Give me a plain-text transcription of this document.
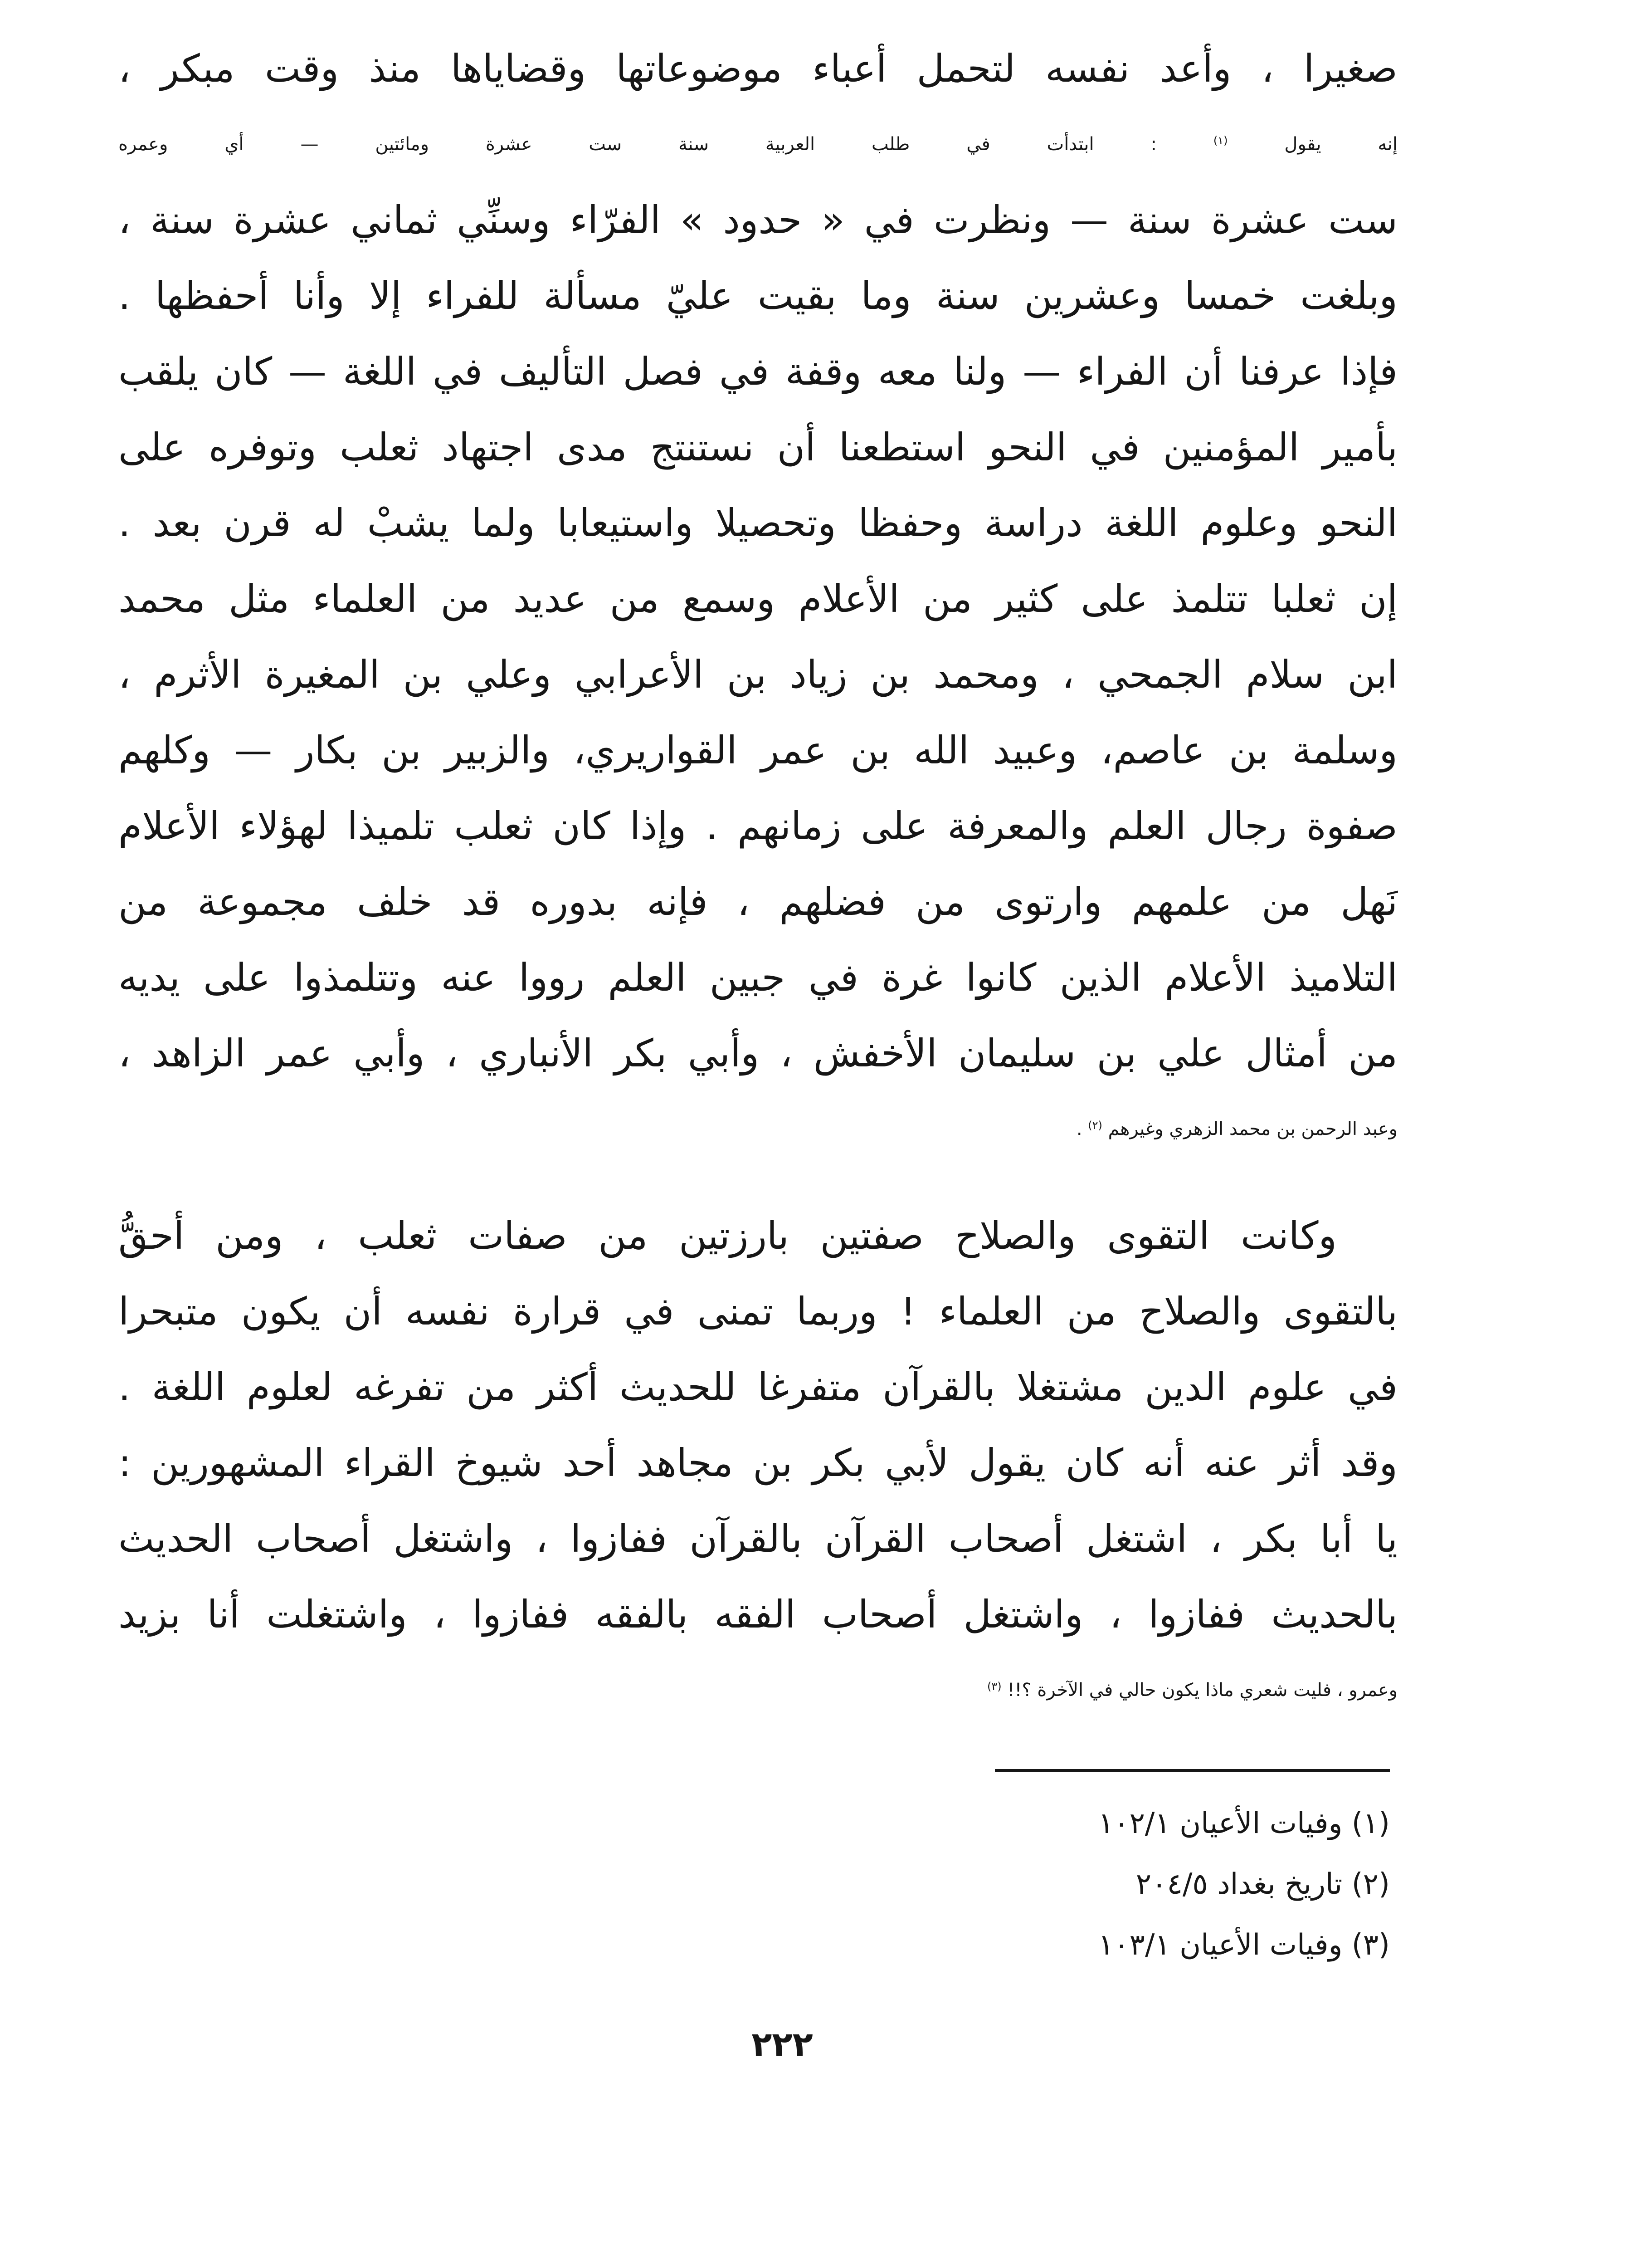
صغيرا ، وأعد نفسه لتحمل أعباء موضوعاتها وقضاياها منذ وقت مبكر ،
إنه يقول $^{(١)}$ : ابتدأت في طلب العربية سنة ست عشرة ومائتين — أي وعمره
ست عشرة سنة — ونظرت في « حدود » الفرّاء وسنِّي ثماني عشرة سنة ،
وبلغت خمسا وعشرين سنة وما بقيت عليّ مسألة للفراء إلا وأنا أحفظها .
فإذا عرفنا أن الفراء — ولنا معه وقفة في فصل التأليف في اللغة — كان يلقب
بأمير المؤمنين في النحو استطعنا أن نستنتج مدى اجتهاد ثعلب وتوفره على
النحو وعلوم اللغة دراسة وحفظا وتحصيلا واستيعابا ولما يشبْ له قرن بعد .
إن ثعلبا تتلمذ على كثير من الأعلام وسمع من عديد من العلماء مثل محمد
ابن سلام الجمحي ، ومحمد بن زياد بن الأعرابي وعلي بن المغيرة الأثرم ،
وسلمة بن عاصم، وعبيد الله بن عمر القواريري، والزبير بن بكار — وكلهم
صفوة رجال العلم والمعرفة على زمانهم . وإذا كان ثعلب تلميذا لهؤلاء الأعلام
نَهل من علمهم وارتوى من فضلهم ، فإنه بدوره قد خلف مجموعة من
التلاميذ الأعلام الذين كانوا غرة في جبين العلم رووا عنه وتتلمذوا على يديه
من أمثال علي بن سليمان الأخفش ، وأبي بكر الأنباري ، وأبي عمر الزاهد ،
وعبد الرحمن بن محمد الزهري وغيرهم $^{(٢)}$ .
وكانت التقوى والصلاح صفتين بارزتين من صفات ثعلب ، ومن أحقُّ
بالتقوى والصلاح من العلماء ! وربما تمنى في قرارة نفسه أن يكون متبحرا
في علوم الدين مشتغلا بالقرآن متفرغا للحديث أكثر من تفرغه لعلوم اللغة .
وقد أثر عنه أنه كان يقول لأبي بكر بن مجاهد أحد شيوخ القراء المشهورين :
يا أبا بكر ، اشتغل أصحاب القرآن بالقرآن ففازوا ، واشتغل أصحاب الحديث
بالحديث ففازوا ، واشتغل أصحاب الفقه بالفقه ففازوا ، واشتغلت أنا بزيد
وعمرو ، فليت شعري ماذا يكون حالي في الآخرة ؟!! $^{(٣)}$
(١) وفيات الأعيان ١٠٢/١
(٢) تاريخ بغداد ٢٠٤/٥
(٣) وفيات الأعيان ١٠٣/١
٢٢٢
